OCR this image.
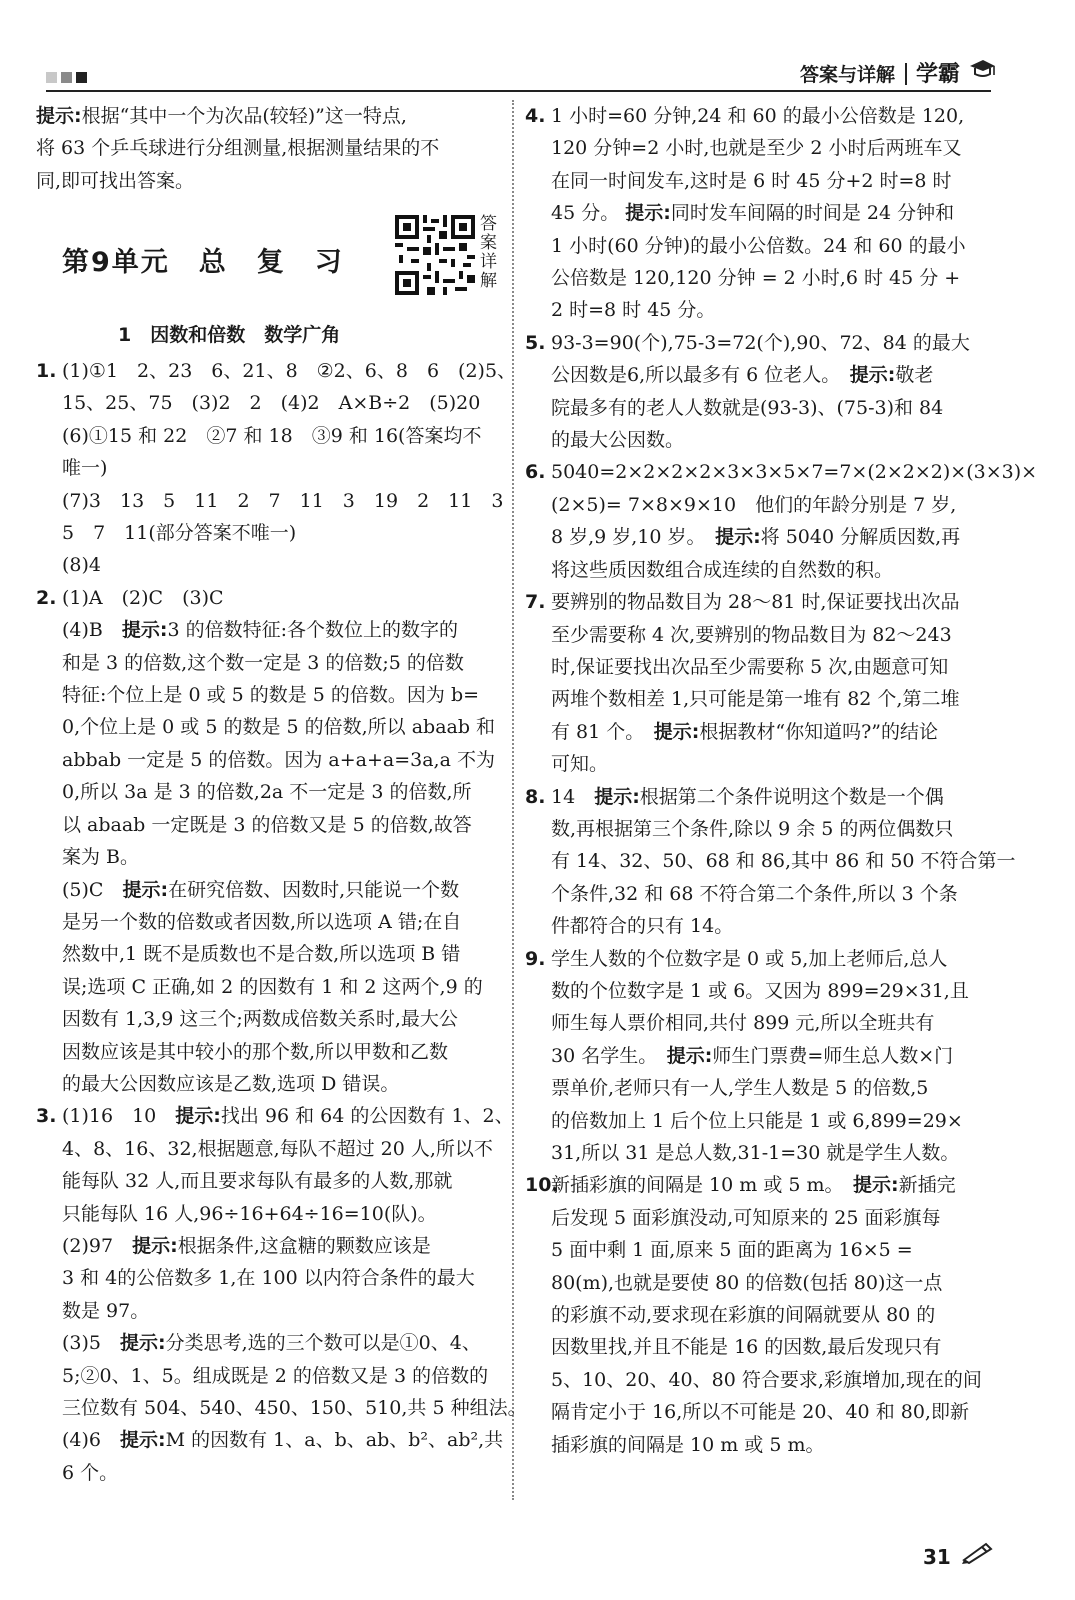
答案与详解 学霸

提示:根据“其中一个为次品(较轻)”这一特点,

将 63 个乒乓球进行分组测量,根据测量结果的不

同,即可找出答案。

第9单元　总　复　习
答案详解
1　因数和倍数　数学广角

1. (1)①1　2、23　6、21、8　②2、6、8　6　(2)5、

15、25、75　(3)2　2　(4)2　A×B÷2　(5)20

(6)①15 和 22　②7 和 18　③9 和 16(答案均不

唯一)

(7)3　13　5　11　2　7　11　3　19　2　11　3

5　7　11(部分答案不唯一)

(8)4

2. (1)A　(2)C　(3)C

(4)B　提示:3 的倍数特征:各个数位上的数字的

和是 3 的倍数,这个数一定是 3 的倍数;5 的倍数

特征:个位上是 0 或 5 的数是 5 的倍数。因为 b=

0,个位上是 0 或 5 的数是 5 的倍数,所以 abaab 和

abbab 一定是 5 的倍数。因为 a+a+a=3a,a 不为

0,所以 3a 是 3 的倍数,2a 不一定是 3 的倍数,所

以 abaab 一定既是 3 的倍数又是 5 的倍数,故答

案为 B。

(5)C　提示:在研究倍数、因数时,只能说一个数

是另一个数的倍数或者因数,所以选项 A 错;在自

然数中,1 既不是质数也不是合数,所以选项 B 错

误;选项 C 正确,如 2 的因数有 1 和 2 这两个,9 的

因数有 1,3,9 这三个;两数成倍数关系时,最大公

因数应该是其中较小的那个数,所以甲数和乙数

的最大公因数应该是乙数,选项 D 错误。

3. (1)16　10　提示:找出 96 和 64 的公因数有 1、2、

4、8、16、32,根据题意,每队不超过 20 人,所以不

能每队 32 人,而且要求每队有最多的人数,那就

只能每队 16 人,96÷16+64÷16=10(队)。

(2)97　提示:根据条件,这盒糖的颗数应该是

3 和 4的公倍数多 1,在 100 以内符合条件的最大

数是 97。

(3)5　提示:分类思考,选的三个数可以是①0、4、

5;②0、1、5。组成既是 2 的倍数又是 3 的倍数的

三位数有 504、540、450、150、510,共 5 种组法。

(4)6　提示:M 的因数有 1、a、b、ab、b²、ab²,共

6 个。

4. 1 小时=60 分钟,24 和 60 的最小公倍数是 120,

120 分钟=2 小时,也就是至少 2 小时后两班车又

在同一时间发车,这时是 6 时 45 分+2 时=8 时

45 分。 提示:同时发车间隔的时间是 24 分钟和

1 小时(60 分钟)的最小公倍数。24 和 60 的最小

公倍数是 120,120 分钟 = 2 小时,6 时 45 分 +

2 时=8 时 45 分。

5. 93-3=90(个),75-3=72(个),90、72、84 的最大

公因数是6,所以最多有 6 位老人。　提示:敬老

院最多有的老人人数就是(93-3)、(75-3)和 84

的最大公因数。

6. 5040=2×2×2×2×3×3×5×7=7×(2×2×2)×(3×3)×

(2×5)= 7×8×9×10　他们的年龄分别是 7 岁,

8 岁,9 岁,10 岁。　提示:将 5040 分解质因数,再

将这些质因数组合成连续的自然数的积。

7. 要辨别的物品数目为 28～81 时,保证要找出次品

至少需要称 4 次,要辨别的物品数目为 82～243

时,保证要找出次品至少需要称 5 次,由题意可知

两堆个数相差 1,只可能是第一堆有 82 个,第二堆

有 81 个。　提示:根据教材“你知道吗?”的结论

可知。

8. 14　提示:根据第二个条件说明这个数是一个偶

数,再根据第三个条件,除以 9 余 5 的两位偶数只

有 14、32、50、68 和 86,其中 86 和 50 不符合第一

个条件,32 和 68 不符合第二个条件,所以 3 个条

件都符合的只有 14。

9. 学生人数的个位数字是 0 或 5,加上老师后,总人

数的个位数字是 1 或 6。又因为 899=29×31,且

师生每人票价相同,共付 899 元,所以全班共有

30 名学生。　提示:师生门票费=师生总人数×门

票单价,老师只有一人,学生人数是 5 的倍数,5

的倍数加上 1 后个位上只能是 1 或 6,899=29×

31,所以 31 是总人数,31-1=30 就是学生人数。

10.新插彩旗的间隔是 10 m 或 5 m。　提示:新插完

后发现 5 面彩旗没动,可知原来的 25 面彩旗每

5 面中剩 1 面,原来 5 面的距离为 16×5 =

80(m),也就是要使 80 的倍数(包括 80)这一点

的彩旗不动,要求现在彩旗的间隔就要从 80 的

因数里找,并且不能是 16 的因数,最后发现只有

5、10、20、40、80 符合要求,彩旗增加,现在的间

隔肯定小于 16,所以不可能是 20、40 和 80,即新

插彩旗的间隔是 10 m 或 5 m。

31
